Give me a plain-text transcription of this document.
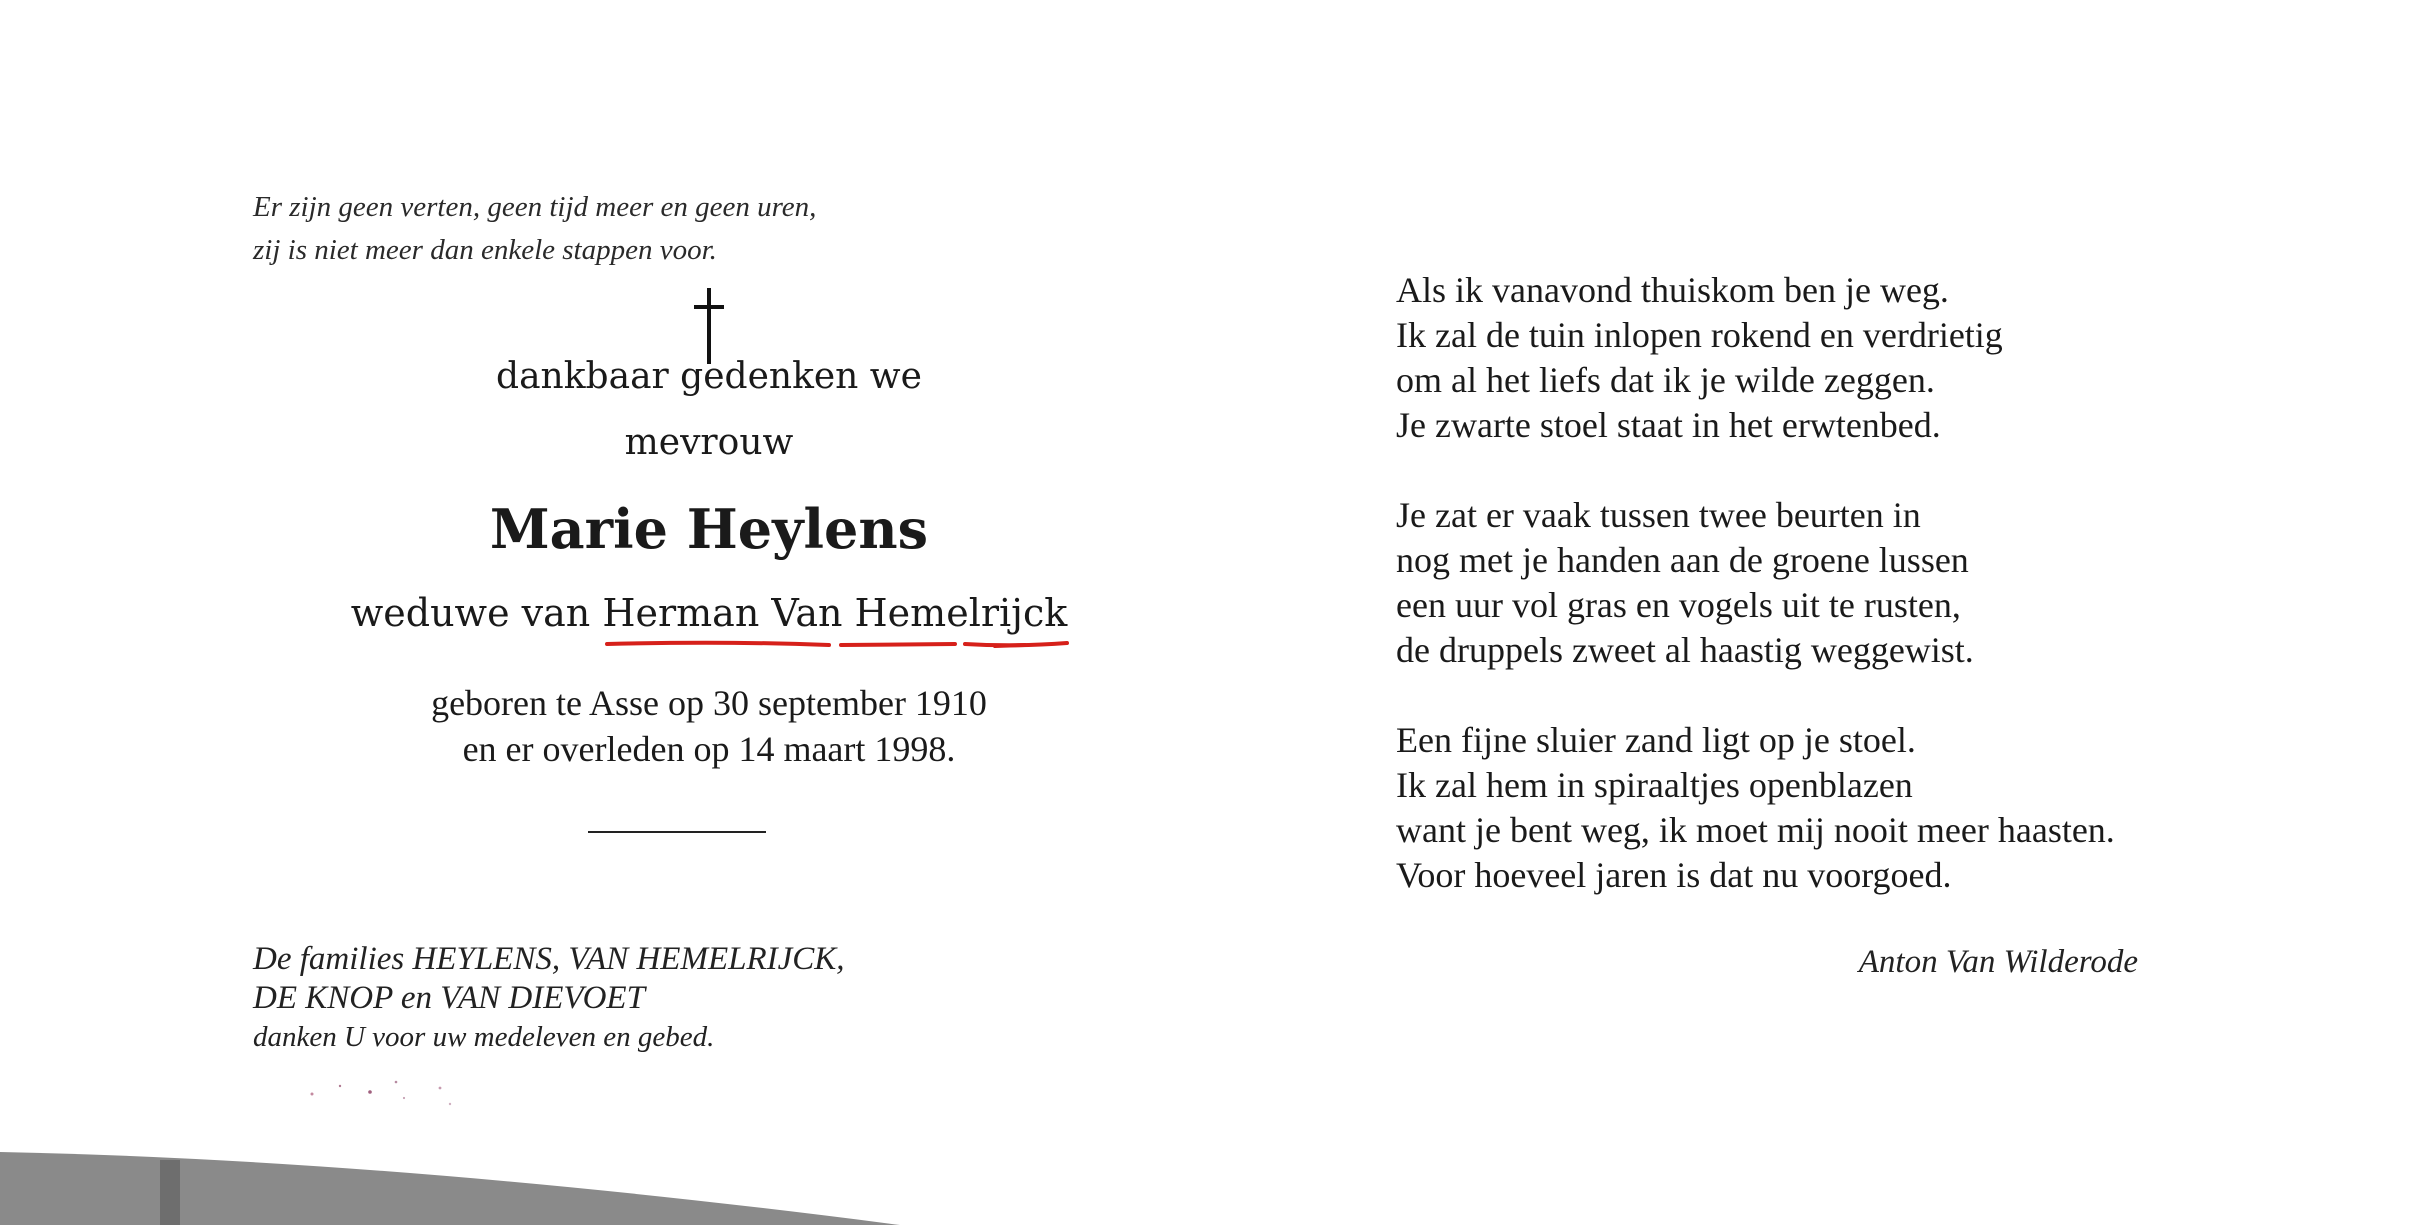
Er zijn geen verten, geen tijd meer en geen uren,
zij is niet meer dan enkele stappen voor.
dankbaar gedenken we
mevrouw
Marie Heylens
weduwe van Herman Van Hemelrijck
geboren te Asse op 30 september 1910
en er overleden op 14 maart 1998.
De families HEYLENS, VAN HEMELRIJCK,
DE KNOP en VAN DIEVOET
danken U voor uw medeleven en gebed.
Als ik vanavond thuiskom ben je weg.
Ik zal de tuin inlopen rokend en verdrietig
om al het liefs dat ik je wilde zeggen.
Je zwarte stoel staat in het erwtenbed.
Je zat er vaak tussen twee beurten in
nog met je handen aan de groene lussen
een uur vol gras en vogels uit te rusten,
de druppels zweet al haastig weggewist.
Een fijne sluier zand ligt op je stoel.
Ik zal hem in spiraaltjes openblazen
want je bent weg, ik moet mij nooit meer haasten.
Voor hoeveel jaren is dat nu voorgoed.
Anton Van Wilderode
